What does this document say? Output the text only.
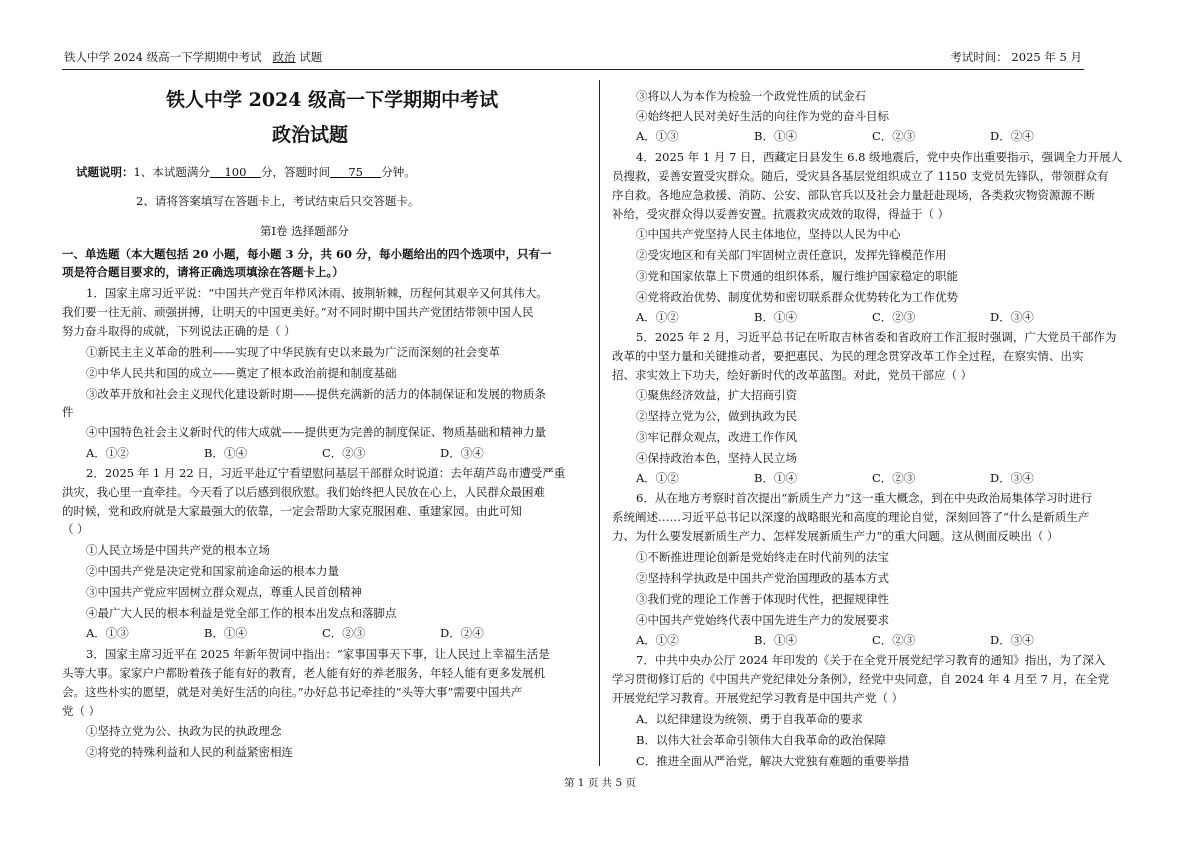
铁人中学 2024 级高一下学期期中考试 政治 试题	考试时间： 2025 年 5 月
铁人中学 2024 级高一下学期期中考试
政治试题
试题说明：1、本试题满分 100 分，答题时间 75 分钟。
2、请将答案填写在答题卡上，考试结束后只交答题卡。
第Ⅰ卷 选择题部分
一、单选题（本大题包括 20 小题，每小题 3 分，共 60 分，每小题给出的四个选项中，只有一
项是符合题目要求的，请将正确选项填涂在答题卡上。）
1．国家主席习近平说：“中国共产党百年栉风沐雨、披荆斩棘，历程何其艰辛又何其伟大。
我们要一往无前、顽强拼搏，让明天的中国更美好。”对不同时期中国共产党团结带领中国人民
努力奋斗取得的成就，下列说法正确的是（ ）
①新民主主义革命的胜利——实现了中华民族有史以来最为广泛而深刻的社会变革
②中华人民共和国的成立——奠定了根本政治前提和制度基础
③改革开放和社会主义现代化建设新时期——提供充满新的活力的体制保证和发展的物质条
件
④中国特色社会主义新时代的伟大成就——提供更为完善的制度保证、物质基础和精神力量
A．①②	B．①④	C．②③	D．③④
2．2025 年 1 月 22 日，习近平赴辽宁看望慰问基层干部群众时说道：去年葫芦岛市遭受严重
洪灾，我心里一直牵挂。今天看了以后感到很欣慰。我们始终把人民放在心上，人民群众最困难
的时候，党和政府就是大家最强大的依靠，一定会帮助大家克服困难、重建家园。由此可知
（ ）
①人民立场是中国共产党的根本立场
②中国共产党是决定党和国家前途命运的根本力量
③中国共产党应牢固树立群众观点，尊重人民首创精神
④最广大人民的根本利益是党全部工作的根本出发点和落脚点
A．①③	B．①④	C．②③	D．②④
3．国家主席习近平在 2025 年新年贺词中指出：“家事国事天下事，让人民过上幸福生活是
头等大事。家家户户都盼着孩子能有好的教育，老人能有好的养老服务，年轻人能有更多发展机
会。这些朴实的愿望，就是对美好生活的向往。”办好总书记牵挂的“头等大事”需要中国共产
党（ ）
①坚持立党为公、执政为民的执政理念
②将党的特殊利益和人民的利益紧密相连
③将以人为本作为检验一个政党性质的试金石
④始终把人民对美好生活的向往作为党的奋斗目标
A．①③	B．①④	C．②③	D．②④
4．2025 年 1 月 7 日，西藏定日县发生 6.8 级地震后，党中央作出重要指示，强调全力开展人
员搜救，妥善安置受灾群众。随后，受灾县各基层党组织成立了 1150 支党员先锋队，带领群众有
序自救。各地应急救援、消防、公安、部队官兵以及社会力量赶赴现场，各类救灾物资源源不断
补给，受灾群众得以妥善安置。抗震救灾成效的取得，得益于（ ）
①中国共产党坚持人民主体地位，坚持以人民为中心
②受灾地区和有关部门牢固树立责任意识，发挥先锋模范作用
③党和国家依靠上下贯通的组织体系，履行维护国家稳定的职能
④党将政治优势、制度优势和密切联系群众优势转化为工作优势
A．①②	B．①④	C．②③	D．③④
5．2025 年 2 月，习近平总书记在听取吉林省委和省政府工作汇报时强调，广大党员干部作为
改革的中坚力量和关键推动者，要把惠民、为民的理念贯穿改革工作全过程，在察实情、出实
招、求实效上下功夫，绘好新时代的改革蓝图。对此，党员干部应（ ）
①聚焦经济效益，扩大招商引资
②坚持立党为公，做到执政为民
③牢记群众观点，改进工作作风
④保持政治本色，坚持人民立场
A．①②	B．①④	C．②③	D．③④
6．从在地方考察时首次提出“新质生产力”这一重大概念，到在中央政治局集体学习时进行
系统阐述……习近平总书记以深邃的战略眼光和高度的理论自觉，深刻回答了“什么是新质生产
力、为什么要发展新质生产力、怎样发展新质生产力”的重大问题。这从侧面反映出（ ）
①不断推进理论创新是党始终走在时代前列的法宝
②坚持科学执政是中国共产党治国理政的基本方式
③我们党的理论工作善于体现时代性，把握规律性
④中国共产党始终代表中国先进生产力的发展要求
A．①②	B．①④	C．②③	D．③④
7．中共中央办公厅 2024 年印发的《关于在全党开展党纪学习教育的通知》指出，为了深入
学习贯彻修订后的《中国共产党纪律处分条例》，经党中央同意，自 2024 年 4 月至 7 月，在全党
开展党纪学习教育。开展党纪学习教育是中国共产党（ ）
A．以纪律建设为统领、勇于自我革命的要求
B．以伟大社会革命引领伟大自我革命的政治保障
C．推进全面从严治党，解决大党独有难题的重要举措
第 1 页 共 5 页
